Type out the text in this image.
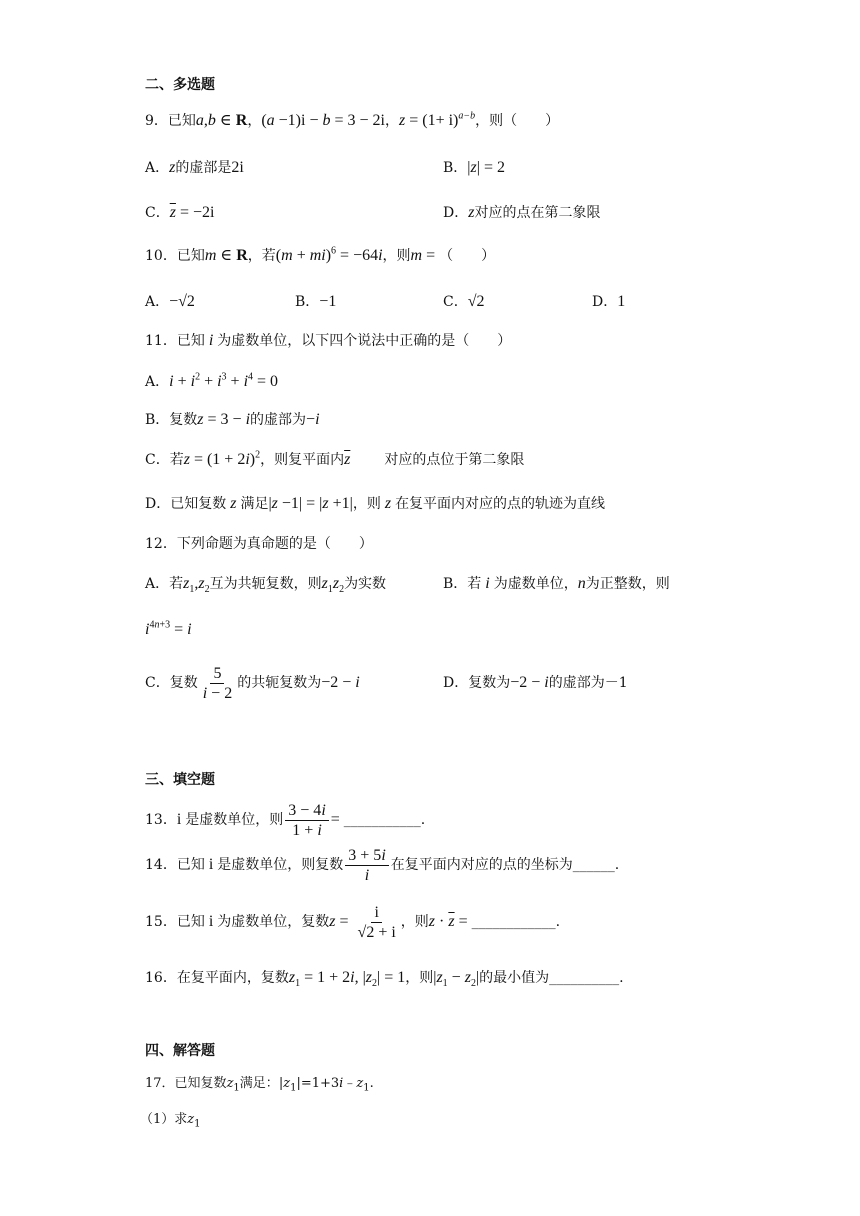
二、多选题
9．已知a,b ∈ R，(a −1)i − b = 3 − 2i，$z = (1+ i)^{a-b}$，则（　　）
A．z的虚部是2i	B．|z| = 2
C．$\overline{z} = -2i$	D．z对应的点在第二象限
10．已知m ∈ R，若(m + mi)$^6$ = −64i，则m = （　　）
A．−√2	B．−1	C．√2	D．1
11．已知 i 为虚数单位，以下四个说法中正确的是（　　）
A．$i + i^2 + i^3 + i^4 = 0$
B．复数z = 3 − i的虚部为−i
C．若$z = (1 + 2i)^2$，则复平面内$\overline{z}$ 对应的点位于第二象限
D．已知复数 z 满足|z −1| = |z +1|，则 z 在复平面内对应的点的轨迹为直线
12．下列命题为真命题的是（　　）
A．若$z_1,z_2$互为共轭复数，则$z_1z_2$为实数	B．若 i 为虚数单位，n为正整数，则
$i^{4n+3} = i$
C．复数 $\frac{5}{i - 2}$ 的共轭复数为−2 − i	D．复数为−2 − i的虚部为－1
三、填空题
13．i 是虚数单位，则 $\frac{3 - 4i}{1 + i}$ = ___________.
14．已知 i 是虚数单位，则复数 $\frac{3 + 5i}{i}$ 在复平面内对应的点的坐标为______.
15．已知 i 为虚数单位，复数$z = \frac{i}{√2 + i}$ ，则$z \cdot \overline{z}$ = ____________.
16．在复平面内，复数$z_1 = 1 + 2i$, $|z_2| = 1$，则$|z_1 - z_2|$的最小值为__________.
四、解答题
17．已知复数$z_1$满足：$|z_1|=1+3i﹣z_1$.
（1）求$z_1$
